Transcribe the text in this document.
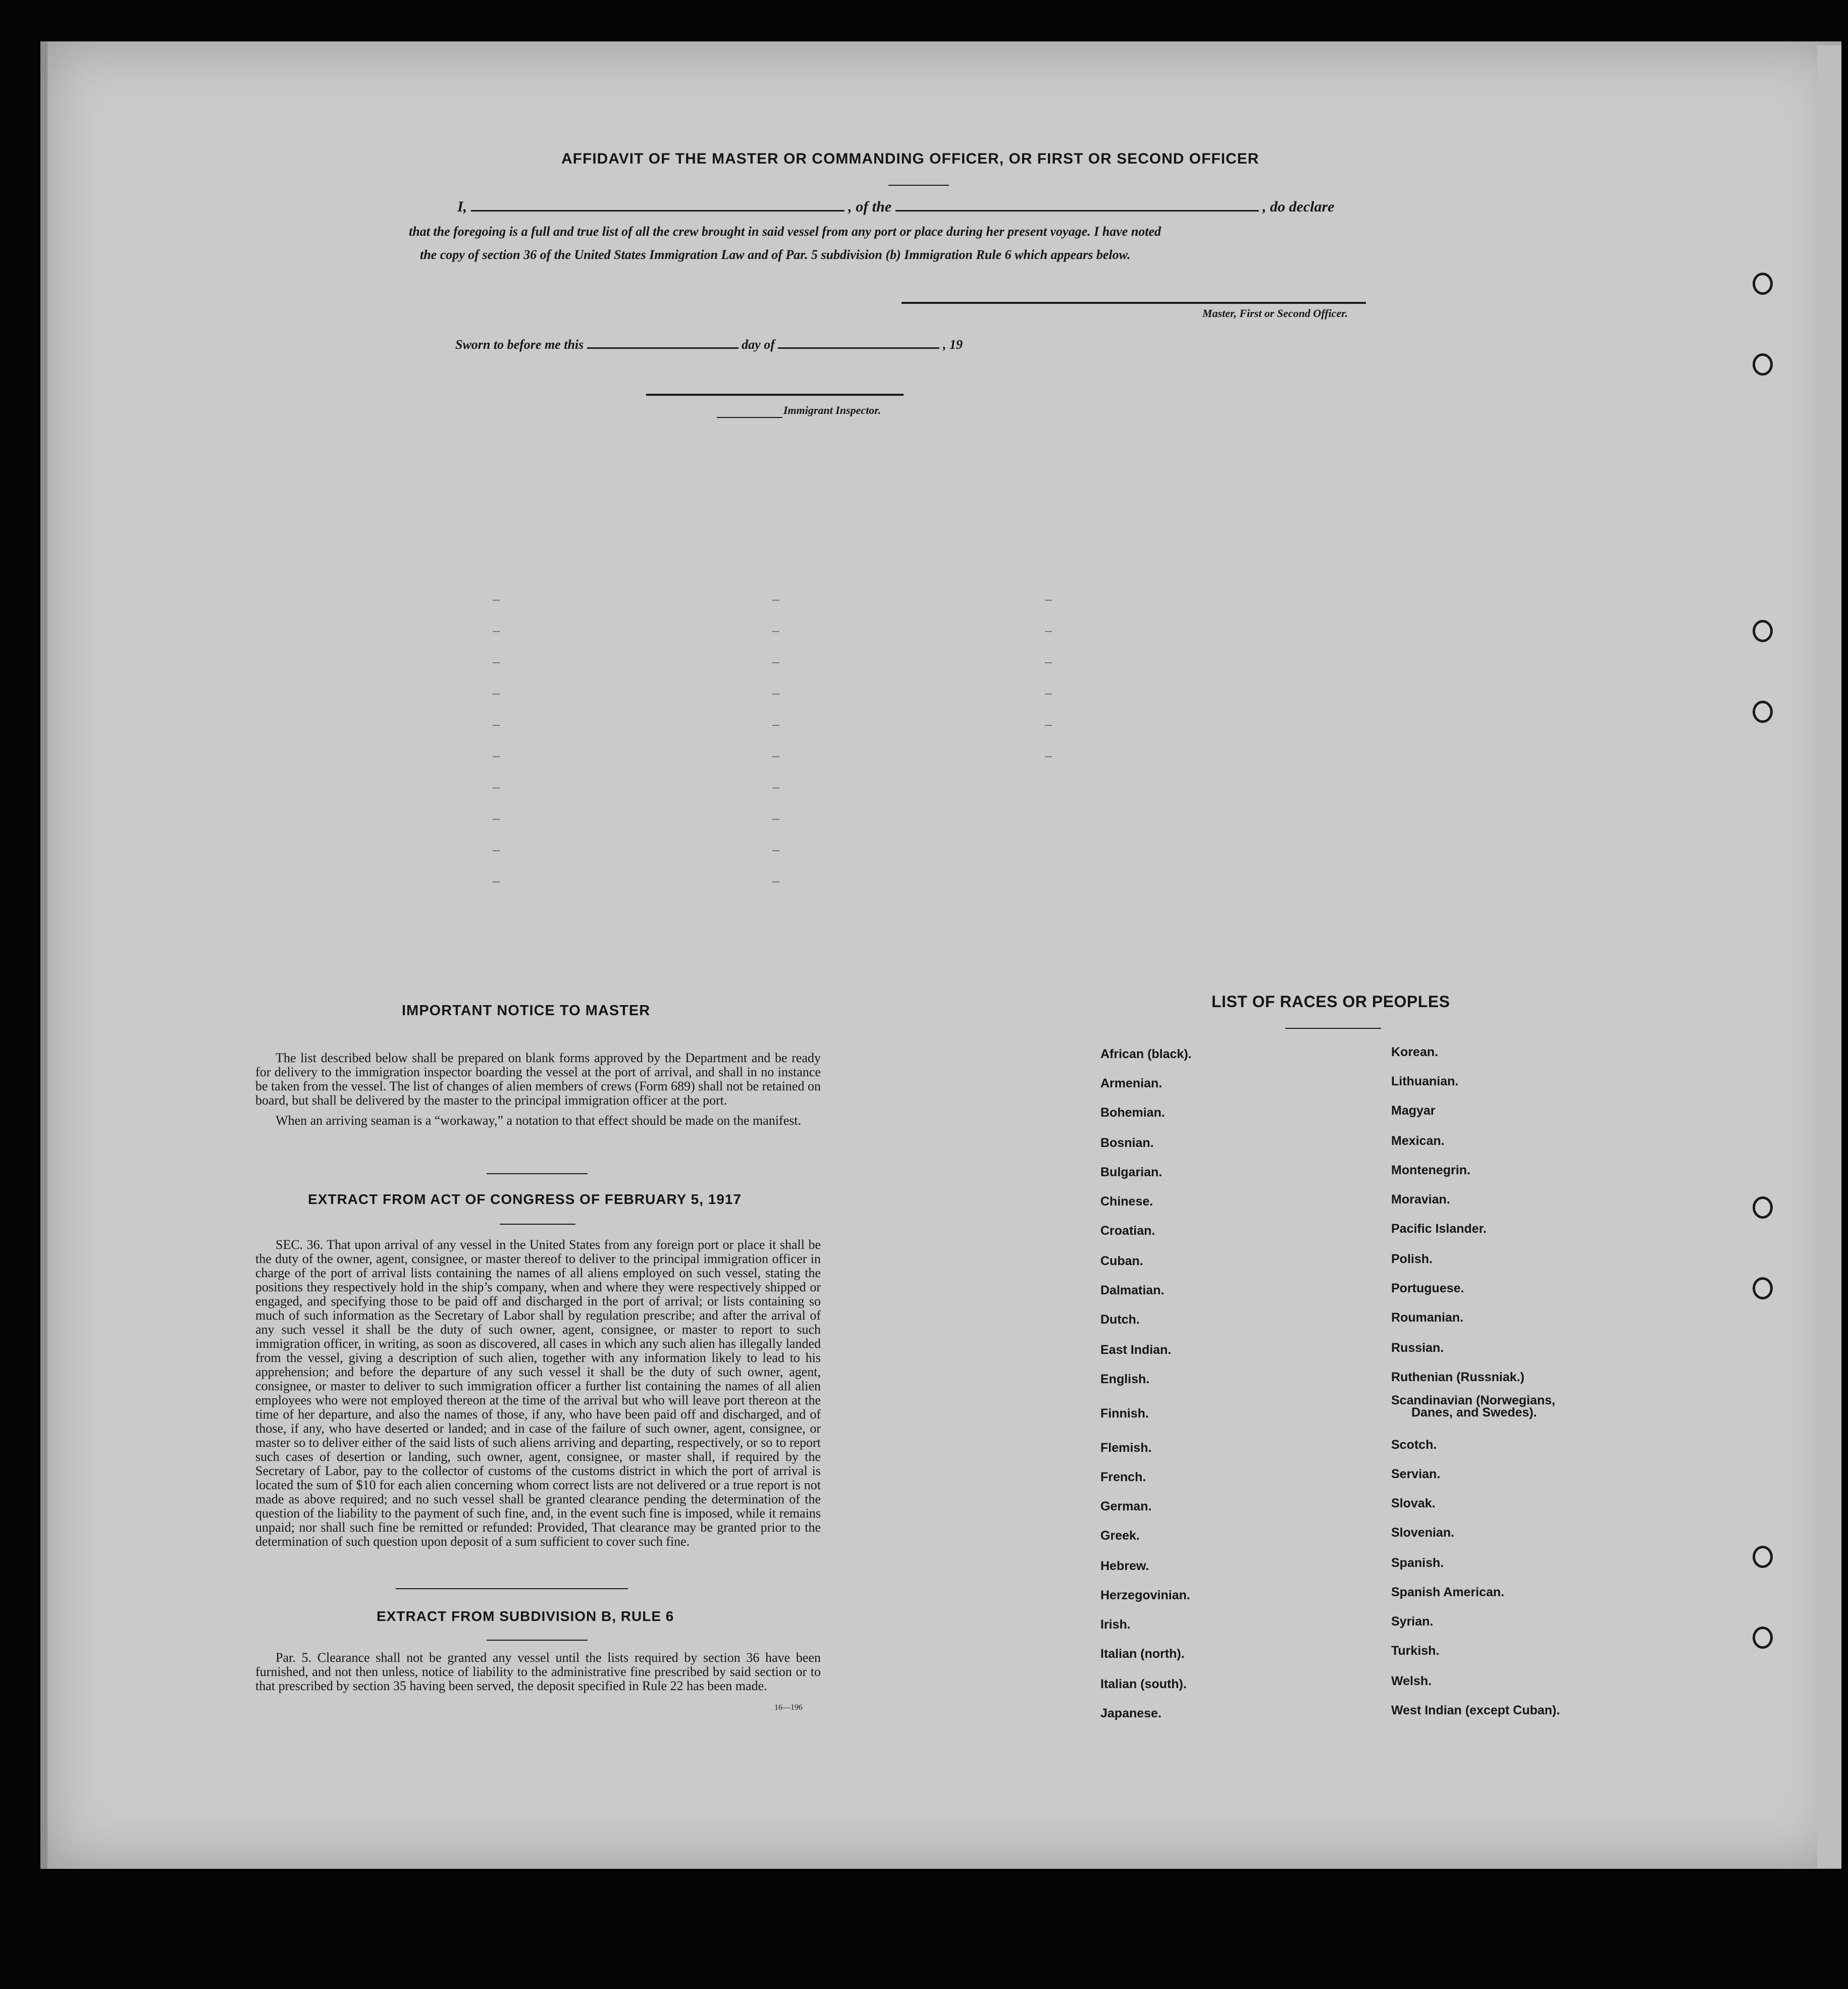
AFFIDAVIT OF THE MASTER OR COMMANDING OFFICER, OR FIRST OR SECOND OFFICER
I,	, of the	, do declare
that the foregoing is a full and true list of all the crew brought in said vessel from any port or place during her present voyage. I have noted
the copy of section 36 of the United States Immigration Law and of Par. 5 subdivision (b) Immigration Rule 6 which appears below.
Master, First or Second Officer.
Sworn to before me this	day of	, 19
Immigrant Inspector.
IMPORTANT NOTICE TO MASTER

The list described below shall be prepared on blank forms approved by the Department and be ready for delivery to the immigration inspector boarding the vessel at the port of arrival, and shall in no instance be taken from the vessel. The list of changes of alien members of crews (Form 689) shall not be retained on board, but shall be delivered by the master to the principal immigration officer at the port.

When an arriving seaman is a “workaway,” a notation to that effect should be made on the manifest.

EXTRACT FROM ACT OF CONGRESS OF FEBRUARY 5, 1917

SEC. 36. That upon arrival of any vessel in the United States from any foreign port or place it shall be the duty of the owner, agent, consignee, or master thereof to deliver to the principal immigration officer in charge of the port of arrival lists containing the names of all aliens employed on such vessel, stating the positions they respectively hold in the ship’s company, when and where they were respectively shipped or engaged, and specifying those to be paid off and discharged in the port of arrival; or lists containing so much of such information as the Secretary of Labor shall by regulation prescribe; and after the arrival of any such vessel it shall be the duty of such owner, agent, consignee, or master to report to such immigration officer, in writing, as soon as discovered, all cases in which any such alien has illegally landed from the vessel, giving a description of such alien, together with any information likely to lead to his apprehension; and before the departure of any such vessel it shall be the duty of such owner, agent, consignee, or master to deliver to such immigration officer a further list containing the names of all alien employees who were not employed thereon at the time of the arrival but who will leave port thereon at the time of her departure, and also the names of those, if any, who have been paid off and discharged, and of those, if any, who have deserted or landed; and in case of the failure of such owner, agent, consignee, or master so to deliver either of the said lists of such aliens arriving and departing, respectively, or so to report such cases of desertion or landing, such owner, agent, consignee, or master shall, if required by the Secretary of Labor, pay to the collector of customs of the customs district in which the port of arrival is located the sum of $10 for each alien concerning whom correct lists are not delivered or a true report is not made as above required; and no such vessel shall be granted clearance pending the determination of the question of the liability to the payment of such fine, and, in the event such fine is imposed, while it remains unpaid; nor shall such fine be remitted or refunded: Provided, That clearance may be granted prior to the determination of such question upon deposit of a sum sufficient to cover such fine.

EXTRACT FROM SUBDIVISION B, RULE 6

Par. 5. Clearance shall not be granted any vessel until the lists required by section 36 have been furnished, and not then unless, notice of liability to the administrative fine prescribed by said section or to that prescribed by section 35 having been served, the deposit specified in Rule 22 has been made.

16—196
LIST OF RACES OR PEOPLES
African (black).
Armenian.
Bohemian.
Bosnian.
Bulgarian.
Chinese.
Croatian.
Cuban.
Dalmatian.
Dutch.
East Indian.
English.
Finnish.
Flemish.
French.
German.
Greek.
Hebrew.
Herzegovinian.
Irish.
Italian (north).
Italian (south).
Japanese.
Korean.
Lithuanian.
Magyar
Mexican.
Montenegrin.
Moravian.
Pacific Islander.
Polish.
Portuguese.
Roumanian.
Russian.
Ruthenian (Russniak.)
Scandinavian (Norwegians,
Danes, and Swedes).
Scotch.
Servian.
Slovak.
Slovenian.
Spanish.
Spanish American.
Syrian.
Turkish.
Welsh.
West Indian (except Cuban).
